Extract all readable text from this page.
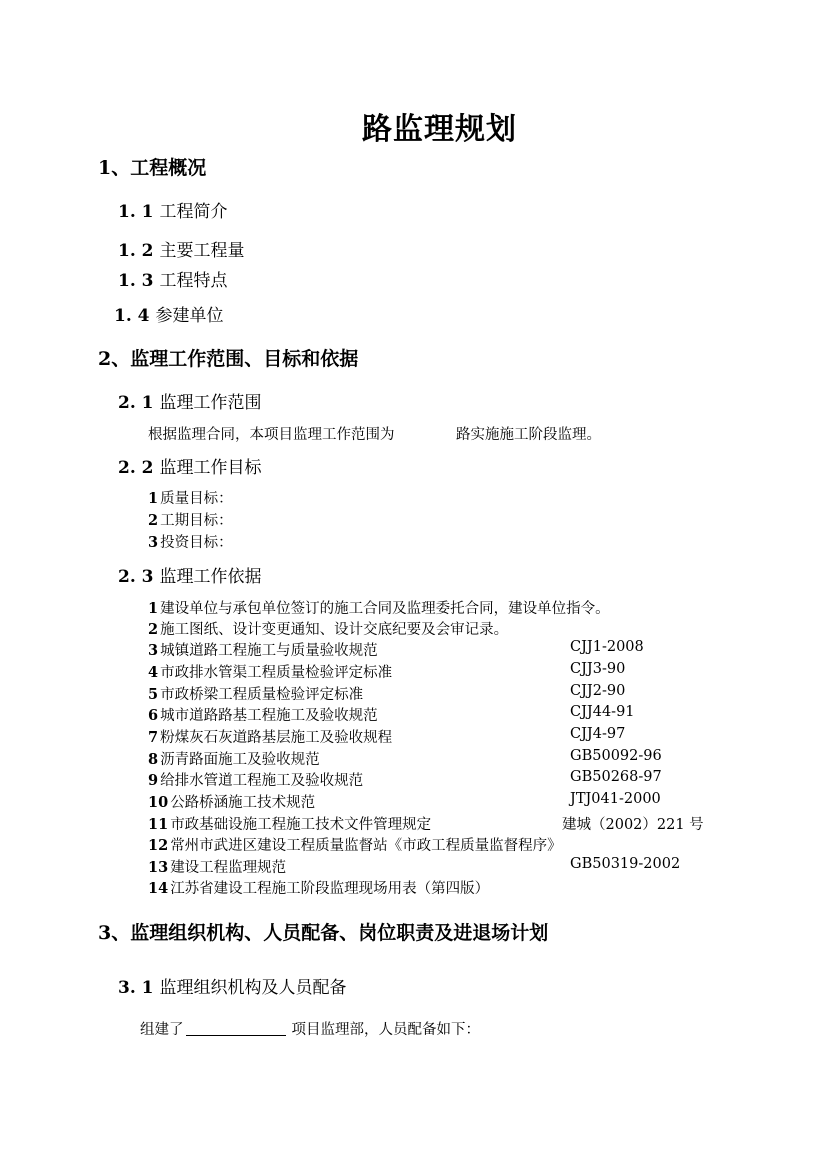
路监理规划
1、工程概况
1. 1 工程简介
1. 2 主要工程量
1. 3 工程特点
1. 4 参建单位
2、监理工作范围、目标和依据
2. 1 监理工作范围
根据监理合同，本项目监理工作范围为	路实施施工阶段监理。
2. 2 监理工作目标
1 质量目标：
2 工期目标：
3 投资目标：
2. 3 监理工作依据
1 建设单位与承包单位签订的施工合同及监理委托合同，建设单位指令。
2 施工图纸、设计变更通知、设计交底纪要及会审记录。
3 城镇道路工程施工与质量验收规范	CJJ1-2008
4 市政排水管渠工程质量检验评定标准	CJJ3-90
5 市政桥梁工程质量检验评定标准	CJJ2-90
6 城市道路路基工程施工及验收规范	CJJ44-91
7 粉煤灰石灰道路基层施工及验收规程	CJJ4-97
8 沥青路面施工及验收规范	GB50092-96
9 给排水管道工程施工及验收规范	GB50268-97
10 公路桥涵施工技术规范	JTJ041-2000
11 市政基础设施工程施工技术文件管理规定	建城（2002）221 号
12 常州市武进区建设工程质量监督站《市政工程质量监督程序》
13 建设工程监理规范	GB50319-2002
14 江苏省建设工程施工阶段监理现场用表（第四版）
3、监理组织机构、人员配备、岗位职责及进退场计划
3. 1 监理组织机构及人员配备
组建了	项目监理部，人员配备如下：
